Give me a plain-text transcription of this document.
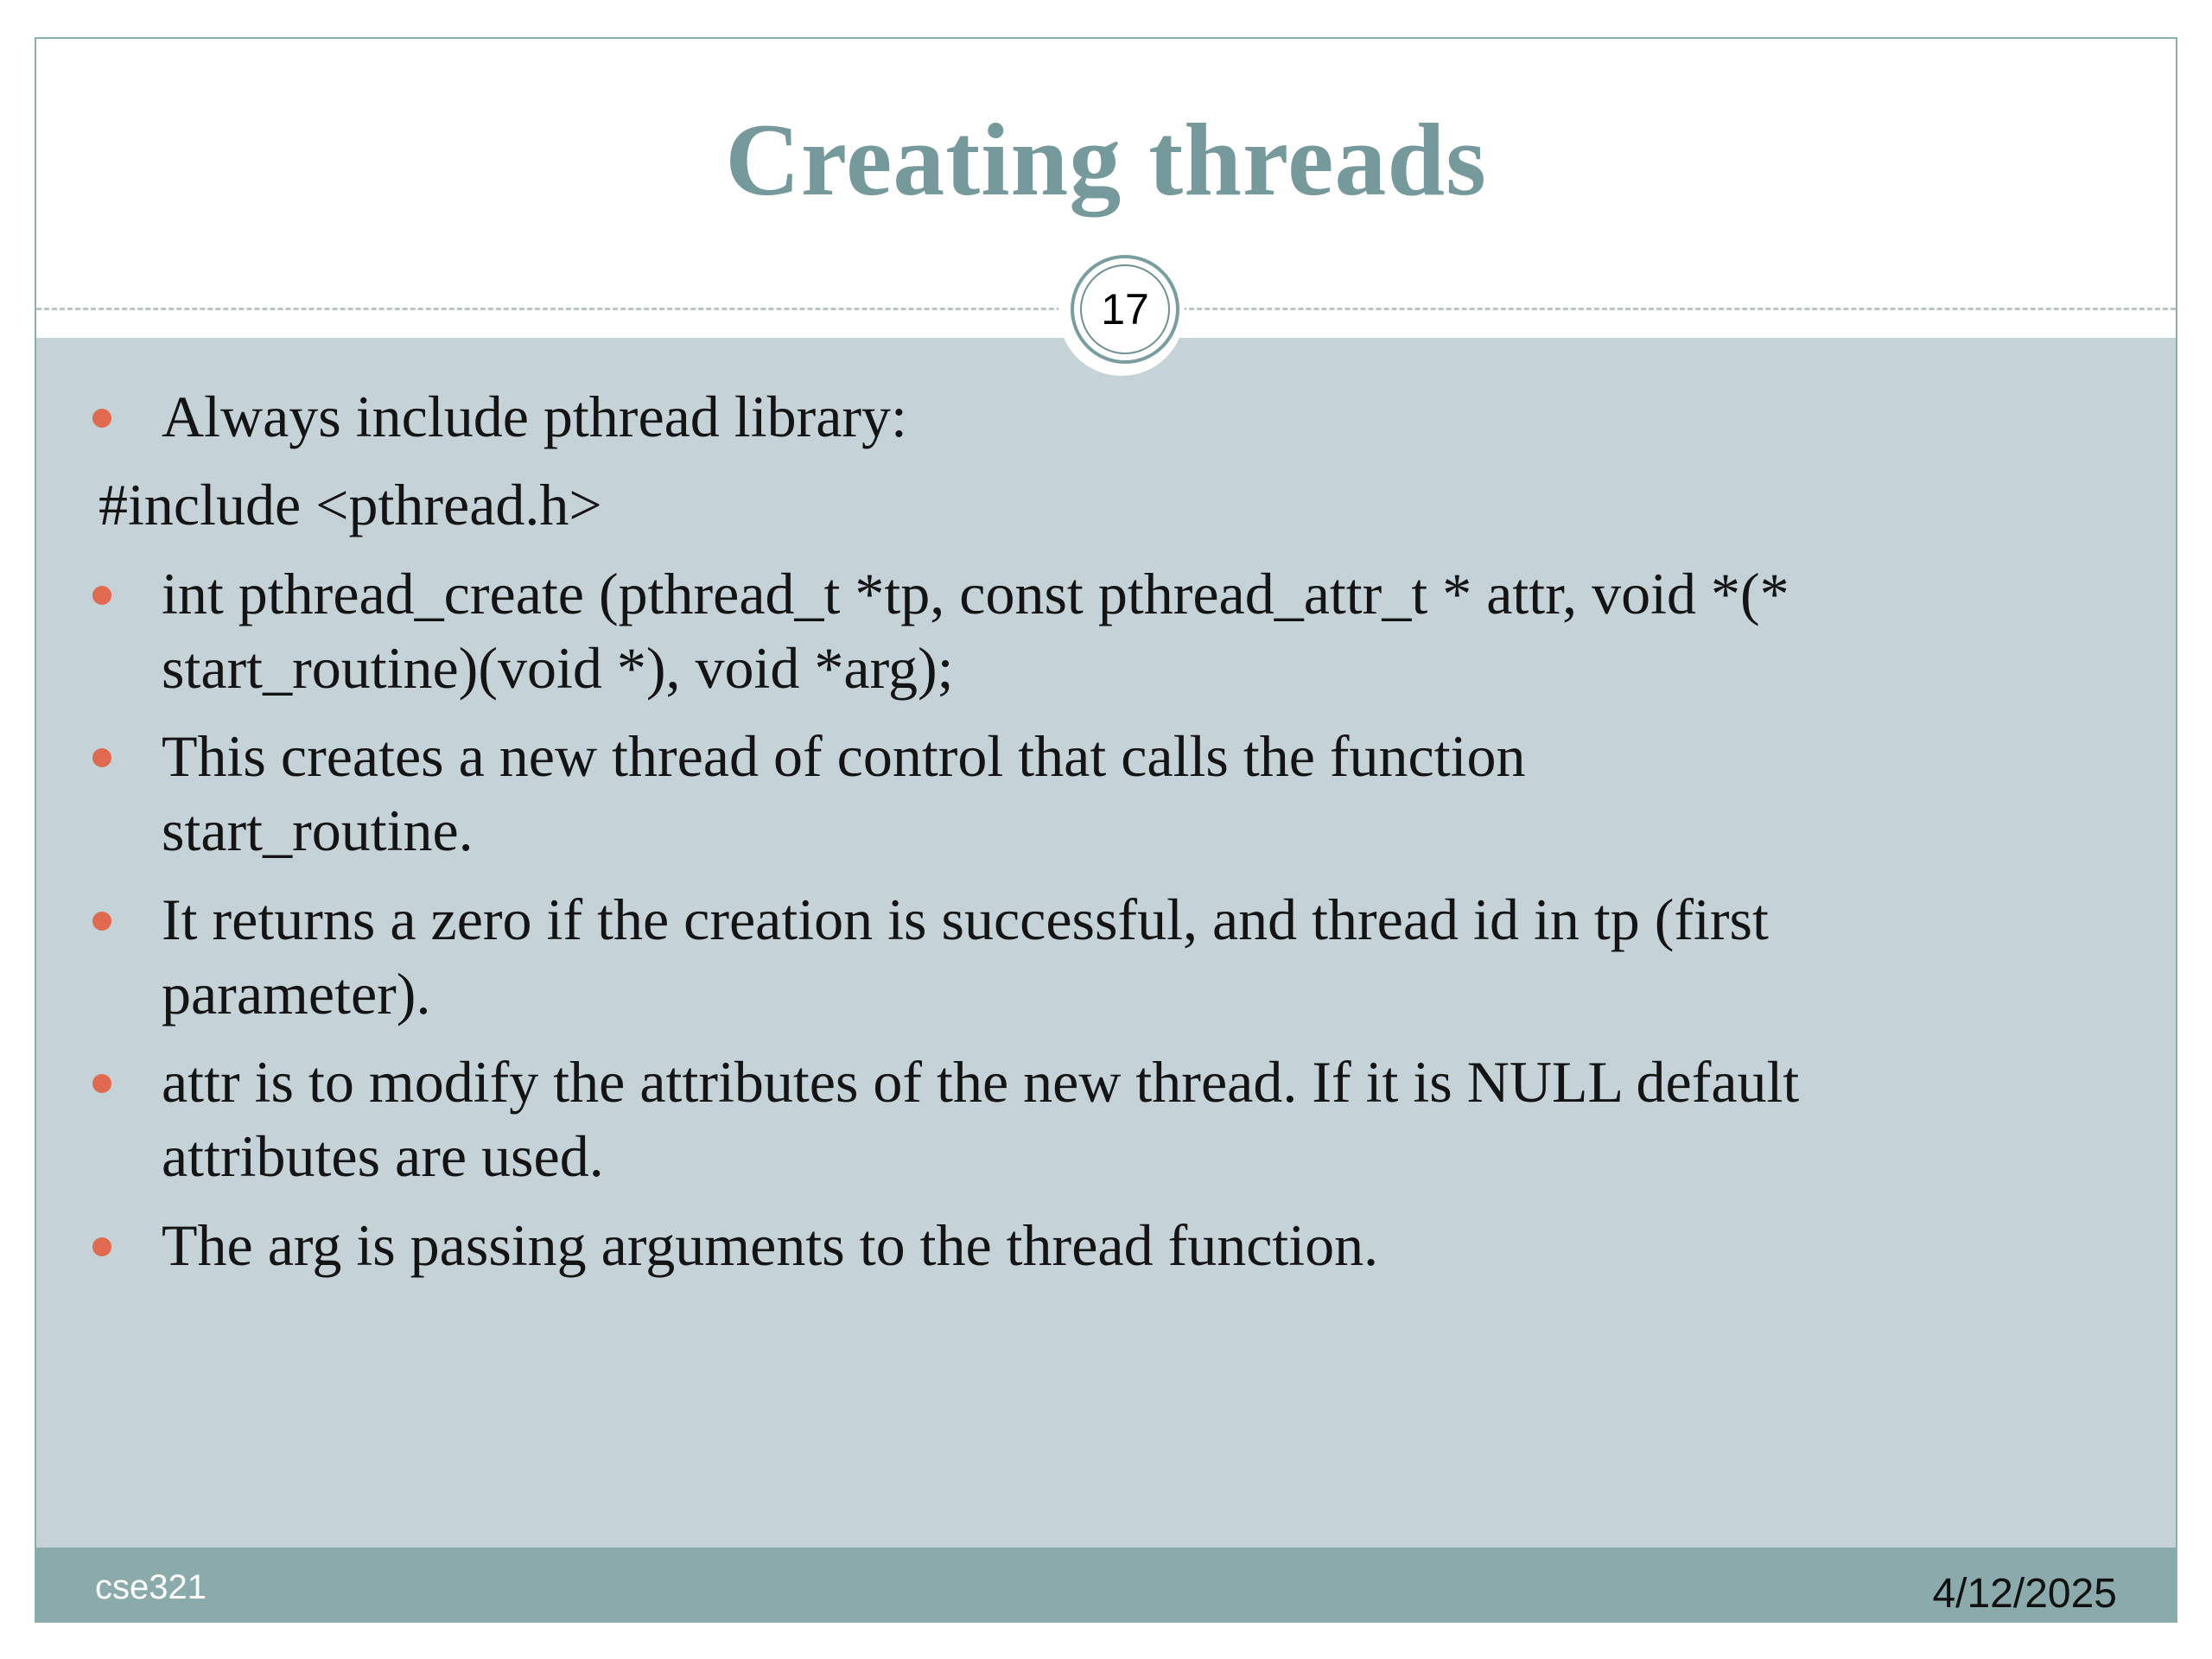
Creating threads
Always include pthread library:
#include <pthread.h>
int pthread_create (pthread_t *tp, const pthread_attr_t * attr, void *(*
start_routine)(void *), void *arg);
This creates a new thread of control that calls the function
start_routine.
It returns a zero if the creation is successful, and thread id in tp (first
parameter).
attr is to modify the attributes of the new thread. If it is NULL default
attributes are used.
The arg is passing arguments to the thread function.
17
cse321	4/12/2025
